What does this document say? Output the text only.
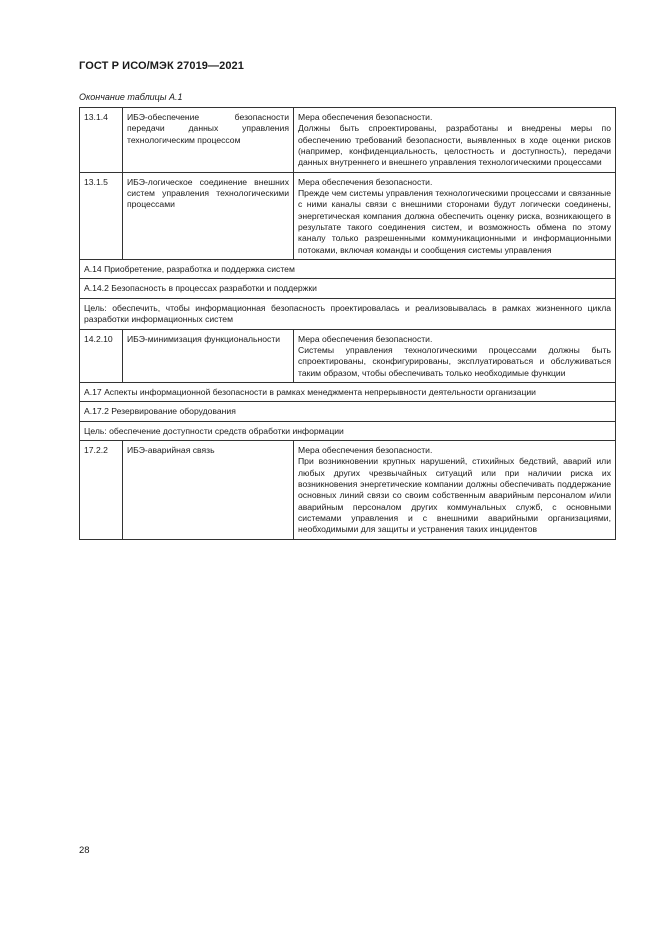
ГОСТ Р ИСО/МЭК 27019—2021
Окончание таблицы А.1
13.1.4	ИБЭ-обеспечение безопасности передачи данных управления технологическим процессом	Мера обеспечения безопасности.
Должны быть спроектированы, разработаны и внедрены меры по обеспечению требований безопасности, выявленных в ходе оценки рисков (например, конфиденциальность, целостность и доступность), передачи данных внутреннего и внешнего управления технологическими процессами

13.1.5	ИБЭ-логическое соединение внешних систем управления технологическими процессами	Мера обеспечения безопасности.
Прежде чем системы управления технологическими процессами и связанные с ними каналы связи с внешними сторонами будут логически соединены, энергетическая компания должна обеспечить оценку риска, возникающего в результате такого соединения систем, и возможность обмена по этому каналу только разрешенными коммуникационными и информационными потоками, включая команды и сообщения системы управления

А.14 Приобретение, разработка и поддержка систем		
А.14.2 Безопасность в процессах разработки и поддержки		
Цель: обеспечить, чтобы информационная безопасность проектировалась и реализовывалась в рамках жизненного цикла разработки информационных систем		
14.2.10	ИБЭ-минимизация функциональности	Мера обеспечения безопасности.
Системы управления технологическими процессами должны быть спроектированы, сконфигурированы, эксплуатироваться и обслуживаться таким образом, чтобы обеспечивать только необходимые функции

А.17 Аспекты информационной безопасности в рамках менеджмента непрерывности деятельности организации		
А.17.2 Резервирование оборудования		
Цель: обеспечение доступности средств обработки информации		
17.2.2	ИБЭ-аварийная связь	Мера обеспечения безопасности.
При возникновении крупных нарушений, стихийных бедствий, аварий или любых других чрезвычайных ситуаций или при наличии риска их возникновения энергетические компании должны обеспечивать поддержание основных линий связи со своим собственным аварийным персоналом и/или аварийным персоналом других коммунальных служб, с основными системами управления и с внешними аварийными организациями, необходимыми для защиты и устранения таких инцидентов
28
